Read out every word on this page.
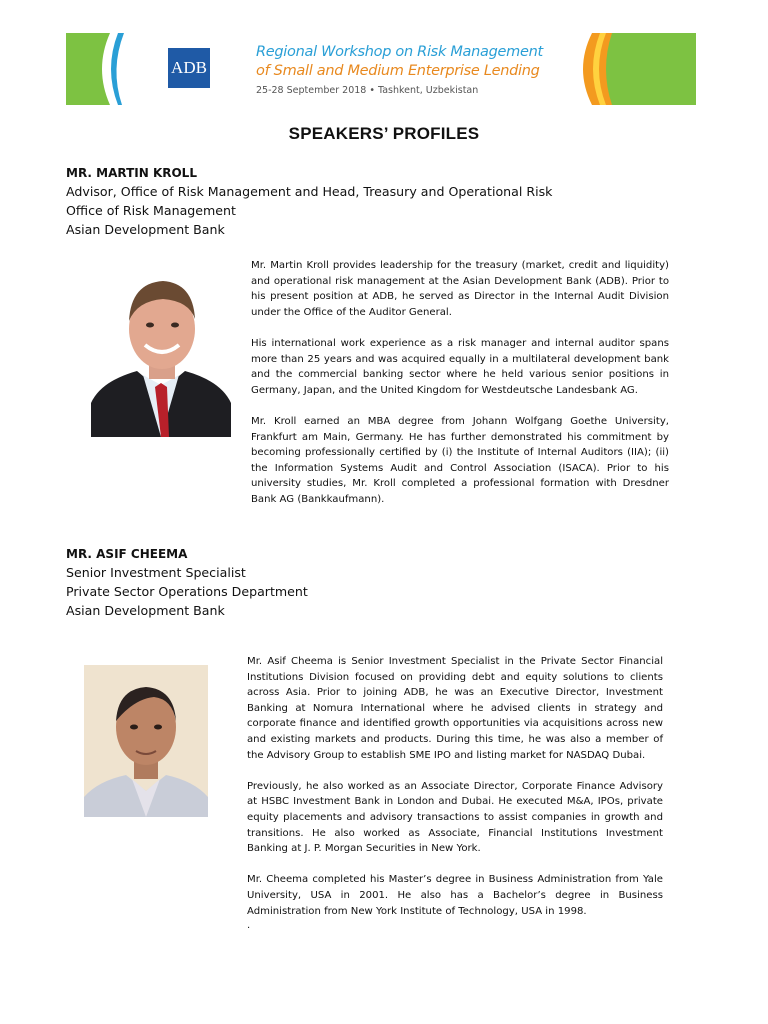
ADB
Regional Workshop on Risk Management
of Small and Medium Enterprise Lending
25-28 September 2018 • Tashkent, Uzbekistan
SPEAKERS’ PROFILES
MR. MARTIN KROLL
Advisor, Office of Risk Management and Head, Treasury and Operational Risk
Office of Risk Management
Asian Development Bank

Mr. Martin Kroll provides leadership for the treasury (market, credit and liquidity) and operational risk management at the Asian Development Bank (ADB). Prior to his present position at ADB, he served as Director in the Internal Audit Division under the Office of the Auditor General.

His international work experience as a risk manager and internal auditor spans more than 25 years and was acquired equally in a multilateral development bank and the commercial banking sector where he held various senior positions in Germany, Japan, and the United Kingdom for Westdeutsche Landesbank AG.

Mr. Kroll earned an MBA degree from Johann Wolfgang Goethe University, Frankfurt am Main, Germany. He has further demonstrated his commitment by becoming professionally certified by (i) the Institute of Internal Auditors (IIA); (ii) the Information Systems Audit and Control Association (ISACA). Prior to his university studies, Mr. Kroll completed a professional formation with Dresdner Bank AG (Bankkaufmann).

MR. ASIF CHEEMA
Senior Investment Specialist
Private Sector Operations Department
Asian Development Bank

Mr. Asif Cheema is Senior Investment Specialist in the Private Sector Financial Institutions Division focused on providing debt and equity solutions to clients across Asia. Prior to joining ADB, he was an Executive Director, Investment Banking at Nomura International where he advised clients in strategy and corporate finance and identified growth opportunities via acquisitions across new and existing markets and products. During this time, he was also a member of the Advisory Group to establish SME IPO and listing market for NASDAQ Dubai.

Previously, he also worked as an Associate Director, Corporate Finance Advisory at HSBC Investment Bank in London and Dubai. He executed M&A, IPOs, private equity placements and advisory transactions to assist companies in growth and transitions. He also worked as Associate, Financial Institutions Investment Banking at J. P. Morgan Securities in New York.

Mr. Cheema completed his Master’s degree in Business Administration from Yale University, USA in 2001. He also has a Bachelor’s degree in Business Administration from New York Institute of Technology, USA in 1998.

.
